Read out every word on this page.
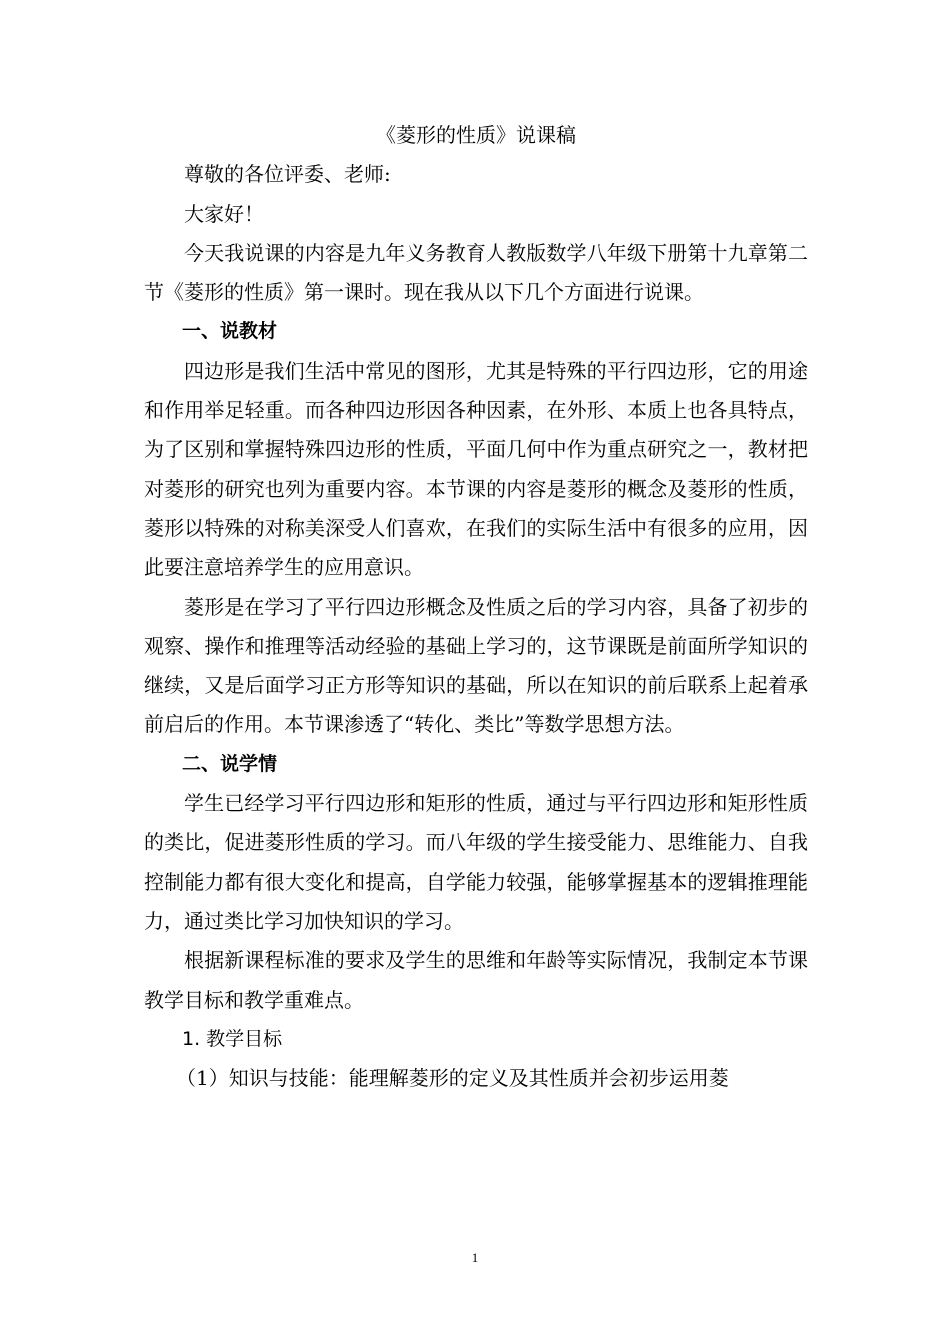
《菱形的性质》说课稿

尊敬的各位评委、老师:

大家好！

今天我说课的内容是九年义务教育人教版数学八年级下册第十九章第二节《菱形的性质》第一课时。现在我从以下几个方面进行说课。

一、说教材

四边形是我们生活中常见的图形，尤其是特殊的平行四边形，它的用途和作用举足轻重。而各种四边形因各种因素，在外形、本质上也各具特点，为了区别和掌握特殊四边形的性质，平面几何中作为重点研究之一，教材把对菱形的研究也列为重要内容。本节课的内容是菱形的概念及菱形的性质，菱形以特殊的对称美深受人们喜欢，在我们的实际生活中有很多的应用，因此要注意培养学生的应用意识。

菱形是在学习了平行四边形概念及性质之后的学习内容，具备了初步的观察、操作和推理等活动经验的基础上学习的，这节课既是前面所学知识的继续，又是后面学习正方形等知识的基础，所以在知识的前后联系上起着承前启后的作用。本节课渗透了“转化、类比”等数学思想方法。

二、说学情

学生已经学习平行四边形和矩形的性质，通过与平行四边形和矩形性质的类比，促进菱形性质的学习。而八年级的学生接受能力、思维能力、自我控制能力都有很大变化和提高，自学能力较强，能够掌握基本的逻辑推理能力，通过类比学习加快知识的学习。

根据新课程标准的要求及学生的思维和年龄等实际情况，我制定本节课教学目标和教学重难点。

1. 教学目标

（1）知识与技能：能理解菱形的定义及其性质并会初步运用菱

1
